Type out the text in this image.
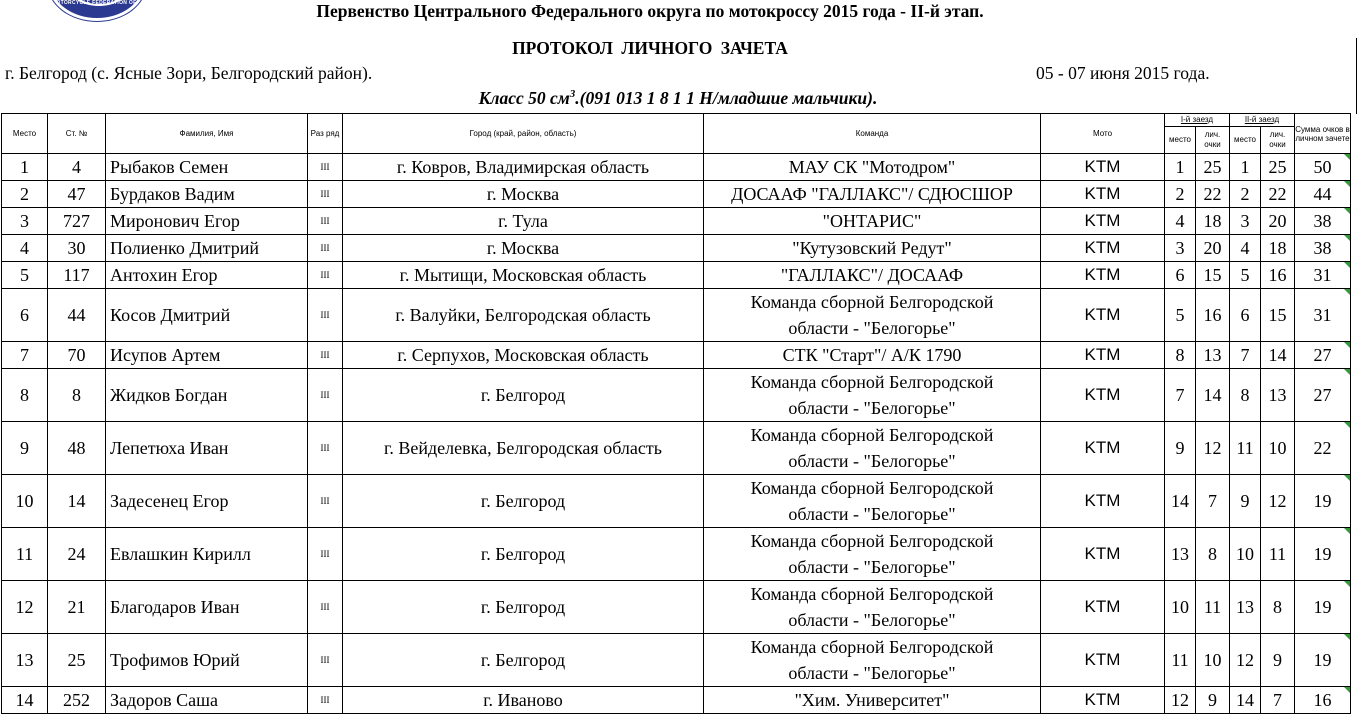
MOTORCYCLE FEDERATION OF R	Первенство Центрального Федерального округа по мотокроссу 2015 года - II-й этап.
ПРОТОКОЛ ЛИЧНОГО ЗАЧЕТА
г. Белгород (с. Ясные Зори, Белгородский район).	05 - 07 июня 2015 года.
Класс 50 $см^3.(091$ 013 1 8 1 1 Н/младшие мальчики).
Место	Ст. №	Фамилия, Имя	Раз ряд	Город (край, район, область)	Команда	Мото	I-й заезд		II-й заезд		Сумма очков в личном зачете
							место	лич. очки	место	лич. очки	
1	4	Рыбаков Семен	III	г. Ковров, Владимирская область	МАУ СК "Мотодром"	KTM	1	25	1	25	50
2	47	Бурдаков Вадим	III	г. Москва	ДОСААФ "ГАЛЛАКС"/ СДЮСШОР	KTM	2	22	2	22	44
3	727	Миронович Егор	III	г. Тула	"ОНТАРИС"	KTM	4	18	3	20	38
4	30	Полиенко Дмитрий	III	г. Москва	"Кутузовский Редут"	KTM	3	20	4	18	38
5	117	Антохин Егор	III	г. Мытищи, Московская область	"ГАЛЛАКС"/ ДОСААФ	KTM	6	15	5	16	31
6	44	Косов Дмитрий	III	г. Валуйки, Белгородская область	Команда сборной Белгородской
области - "Белогорье"	KTM	5	16	6	15	31
7	70	Исупов Артем	III	г. Серпухов, Московская область	СТК "Старт"/ А/К 1790	KTM	8	13	7	14	27
8	8	Жидков Богдан	III	г. Белгород	Команда сборной Белгородской
области - "Белогорье"	KTM	7	14	8	13	27
9	48	Лепетюха Иван	III	г. Вейделевка, Белгородская область	Команда сборной Белгородской
области - "Белогорье"	KTM	9	12	11	10	22
10	14	Задесенец Егор	III	г. Белгород	Команда сборной Белгородской
области - "Белогорье"	KTM	14	7	9	12	19
11	24	Евлашкин Кирилл	III	г. Белгород	Команда сборной Белгородской
области - "Белогорье"	KTM	13	8	10	11	19
12	21	Благодаров Иван	III	г. Белгород	Команда сборной Белгородской
области - "Белогорье"	KTM	10	11	13	8	19
13	25	Трофимов Юрий	III	г. Белгород	Команда сборной Белгородской
области - "Белогорье"	KTM	11	10	12	9	19
14	252	Задоров Саша	III	г. Иваново	"Хим. Университет"	KTM	12	9	14	7	16
